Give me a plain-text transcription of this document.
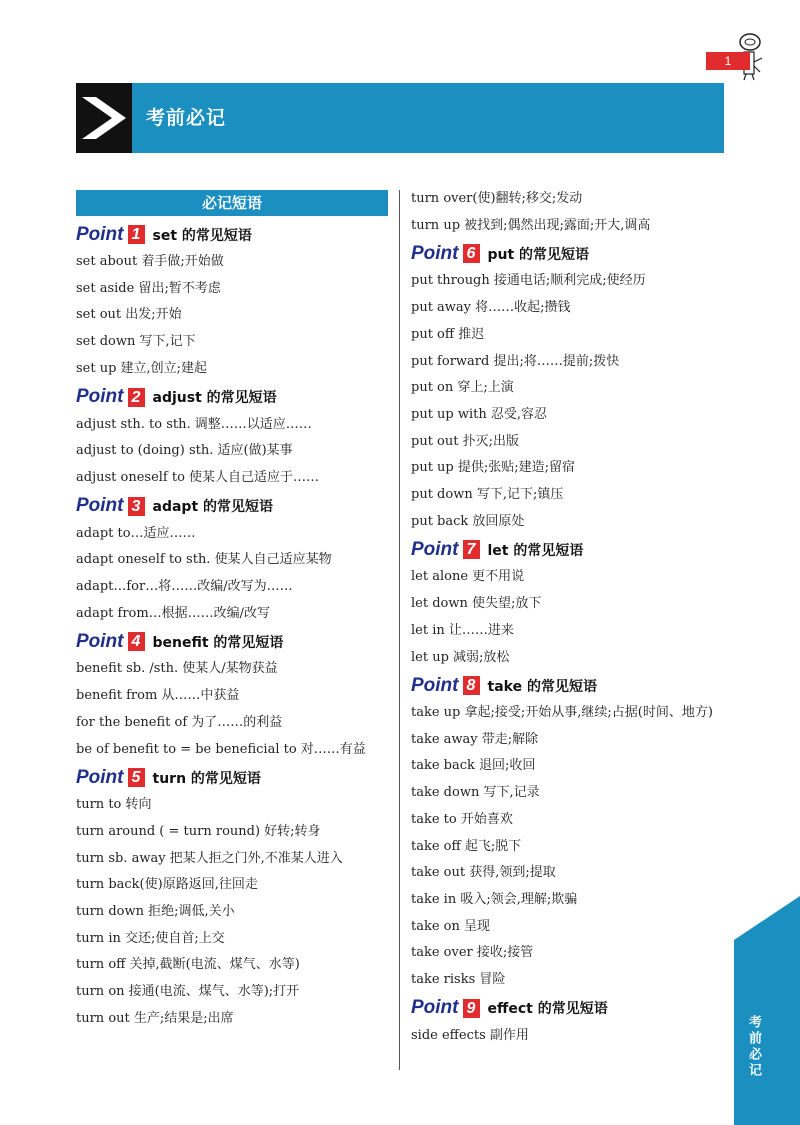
1
考前必记
必记短语
Point 1 set 的常见短语
set about 着手做;开始做
set aside 留出;暂不考虑
set out 出发;开始
set down 写下,记下
set up 建立,创立;建起
Point 2 adjust 的常见短语
adjust sth. to sth. 调整……以适应……
adjust to (doing) sth. 适应(做)某事
adjust oneself to 使某人自己适应于……
Point 3 adapt 的常见短语
adapt to…适应……
adapt oneself to sth. 使某人自己适应某物
adapt…for…将……改编/改写为……
adapt from…根据……改编/改写
Point 4 benefit 的常见短语
benefit sb. /sth. 使某人/某物获益
benefit from 从……中获益
for the benefit of 为了……的利益
be of benefit to = be beneficial to 对……有益
Point 5 turn 的常见短语
turn to 转向
turn around ( = turn round) 好转;转身
turn sb. away 把某人拒之门外,不准某人进入
turn back(使)原路返回,往回走
turn down 拒绝;调低,关小
turn in 交还;使自首;上交
turn off 关掉,截断(电流、煤气、水等)
turn on 接通(电流、煤气、水等);打开
turn out 生产;结果是;出席
turn over(使)翻转;移交;发动
turn up 被找到;偶然出现;露面;开大,调高
Point 6 put 的常见短语
put through 接通电话;顺利完成;使经历
put away 将……收起;攒钱
put off 推迟
put forward 提出;将……提前;拨快
put on 穿上;上演
put up with 忍受,容忍
put out 扑灭;出版
put up 提供;张贴;建造;留宿
put down 写下,记下;镇压
put back 放回原处
Point 7 let 的常见短语
let alone 更不用说
let down 使失望;放下
let in 让……进来
let up 减弱;放松
Point 8 take 的常见短语
take up 拿起;接受;开始从事,继续;占据(时间、地方)
take away 带走;解除
take back 退回;收回
take down 写下,记录
take to 开始喜欢
take off 起飞;脱下
take out 获得,领到;提取
take in 吸入;领会,理解;欺骗
take on 呈现
take over 接收;接管
take risks 冒险
Point 9 effect 的常见短语
side effects 副作用	考前必记
